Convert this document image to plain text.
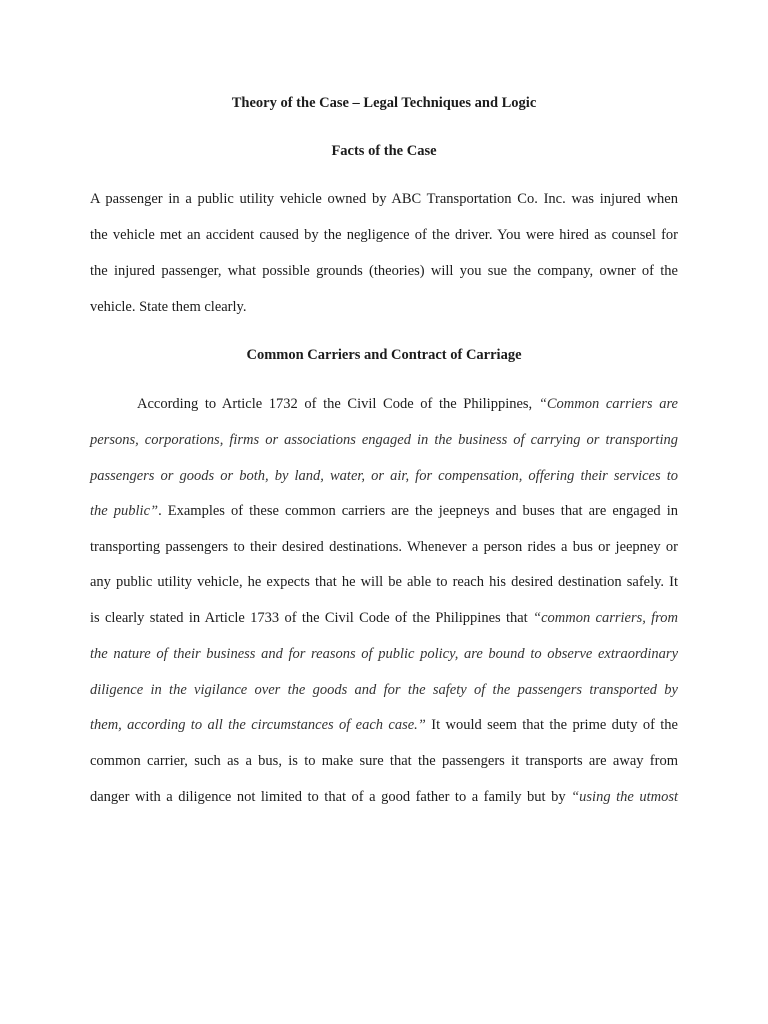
Theory of the Case – Legal Techniques and Logic
Facts of the Case

A passenger in a public utility vehicle owned by ABC Transportation Co. Inc. was injured when

the vehicle met an accident caused by the negligence of the driver. You were hired as counsel for

the injured passenger, what possible grounds (theories) will you sue the company, owner of the

vehicle. State them clearly.

Common Carriers and Contract of Carriage

According to Article 1732 of the Civil Code of the Philippines, “Common carriers are

persons, corporations, firms or associations engaged in the business of carrying or transporting

passengers or goods or both, by land, water, or air, for compensation, offering their services to

the public”. Examples of these common carriers are the jeepneys and buses that are engaged in

transporting passengers to their desired destinations. Whenever a person rides a bus or jeepney or

any public utility vehicle, he expects that he will be able to reach his desired destination safely. It

is clearly stated in Article 1733 of the Civil Code of the Philippines that “common carriers, from

the nature of their business and for reasons of public policy, are bound to observe extraordinary

diligence in the vigilance over the goods and for the safety of the passengers transported by

them, according to all the circumstances of each case.” It would seem that the prime duty of the

common carrier, such as a bus, is to make sure that the passengers it transports are away from

danger with a diligence not limited to that of a good father to a family but by “using the utmost
